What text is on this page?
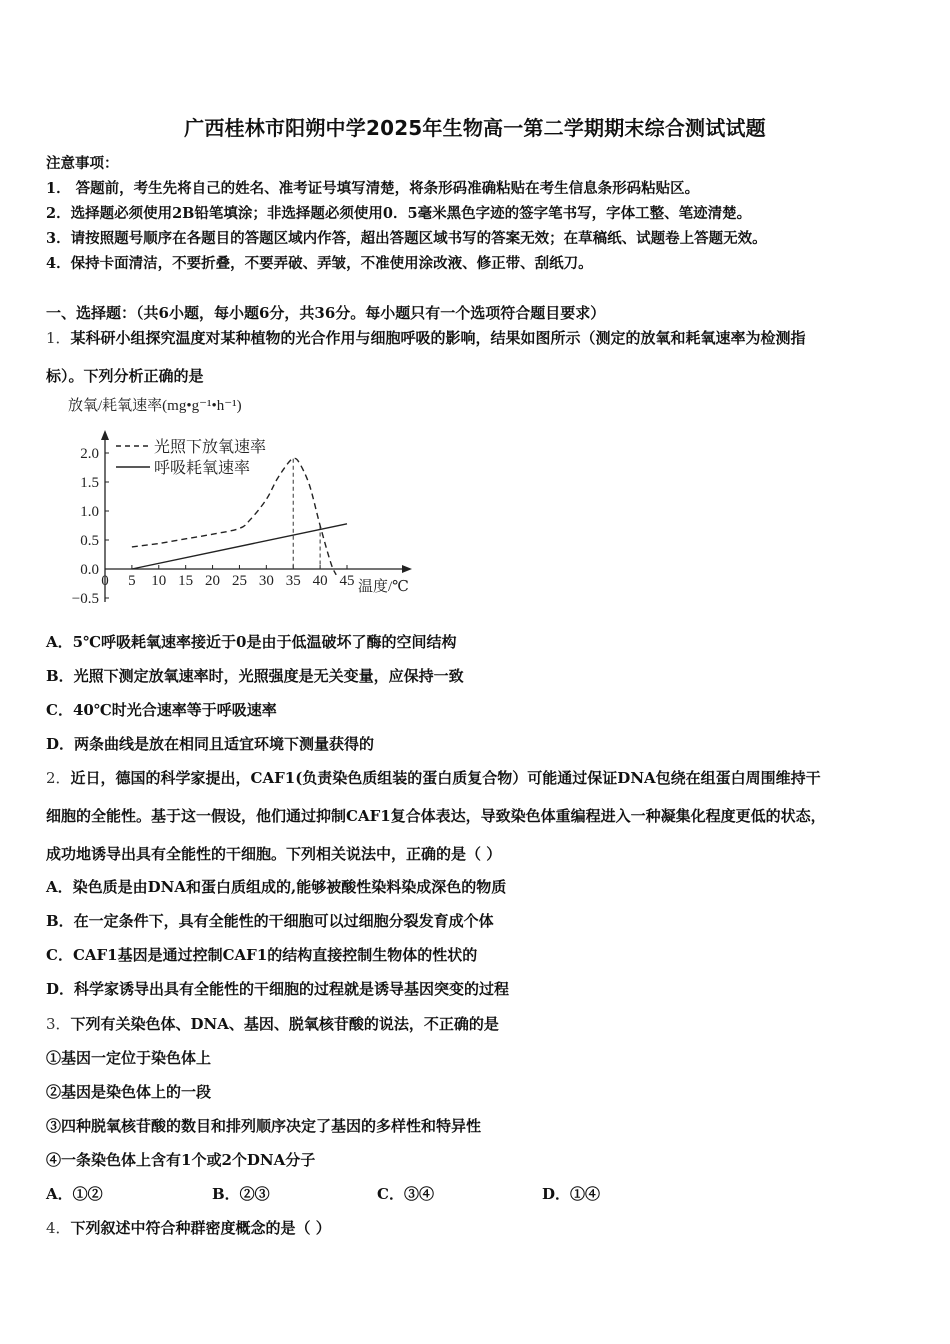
广西桂林市阳朔中学2025年生物高一第二学期期末综合测试试题
注意事项：
1． 答题前，考生先将自己的姓名、准考证号填写清楚，将条形码准确粘贴在考生信息条形码粘贴区。
2．选择题必须使用2B铅笔填涂；非选择题必须使用0．5毫米黑色字迹的签字笔书写，字体工整、笔迹清楚。
3．请按照题号顺序在各题目的答题区域内作答，超出答题区域书写的答案无效；在草稿纸、试题卷上答题无效。
4．保持卡面清洁，不要折叠，不要弄破、弄皱，不准使用涂改液、修正带、刮纸刀。
一、选择题：（共6小题，每小题6分，共36分。每小题只有一个选项符合题目要求）
1．某科研小组探究温度对某种植物的光合作用与细胞呼吸的影响，结果如图所示（测定的放氧和耗氧速率为检测指
标）。下列分析正确的是
放氧/耗氧速率(mg•g⁻¹•h⁻¹)
2.0
1.5
1.0
0.5
0.0
−0.5
0 5 10 15 20 25 30 35 40 45
光照下放氧速率
呼吸耗氧速率
温度/℃
A．5℃呼吸耗氧速率接近于0是由于低温破坏了酶的空间结构
B．光照下测定放氧速率时，光照强度是无关变量，应保持一致
C．40℃时光合速率等于呼吸速率
D．两条曲线是放在相同且适宜环境下测量获得的
2．近日，德国的科学家提出，CAF1(负责染色质组装的蛋白质复合物）可能通过保证DNA包绕在组蛋白周围维持干
细胞的全能性。基于这一假设，他们通过抑制CAF1复合体表达，导致染色体重编程进入一种凝集化程度更低的状态，
成功地诱导出具有全能性的干细胞。下列相关说法中，正确的是（ ）
A．染色质是由DNA和蛋白质组成的,能够被酸性染料染成深色的物质
B．在一定条件下，具有全能性的干细胞可以过细胞分裂发育成个体
C．CAF1基因是通过控制CAF1的结构直接控制生物体的性状的
D．科学家诱导出具有全能性的干细胞的过程就是诱导基因突变的过程
3．下列有关染色体、DNA、基因、脱氧核苷酸的说法，不正确的是
①基因一定位于染色体上
②基因是染色体上的一段
③四种脱氧核苷酸的数目和排列顺序决定了基因的多样性和特异性
④一条染色体上含有1个或2个DNA分子
A．①②	B．②③	C．③④	D．①④
4．下列叙述中符合种群密度概念的是（ ）
